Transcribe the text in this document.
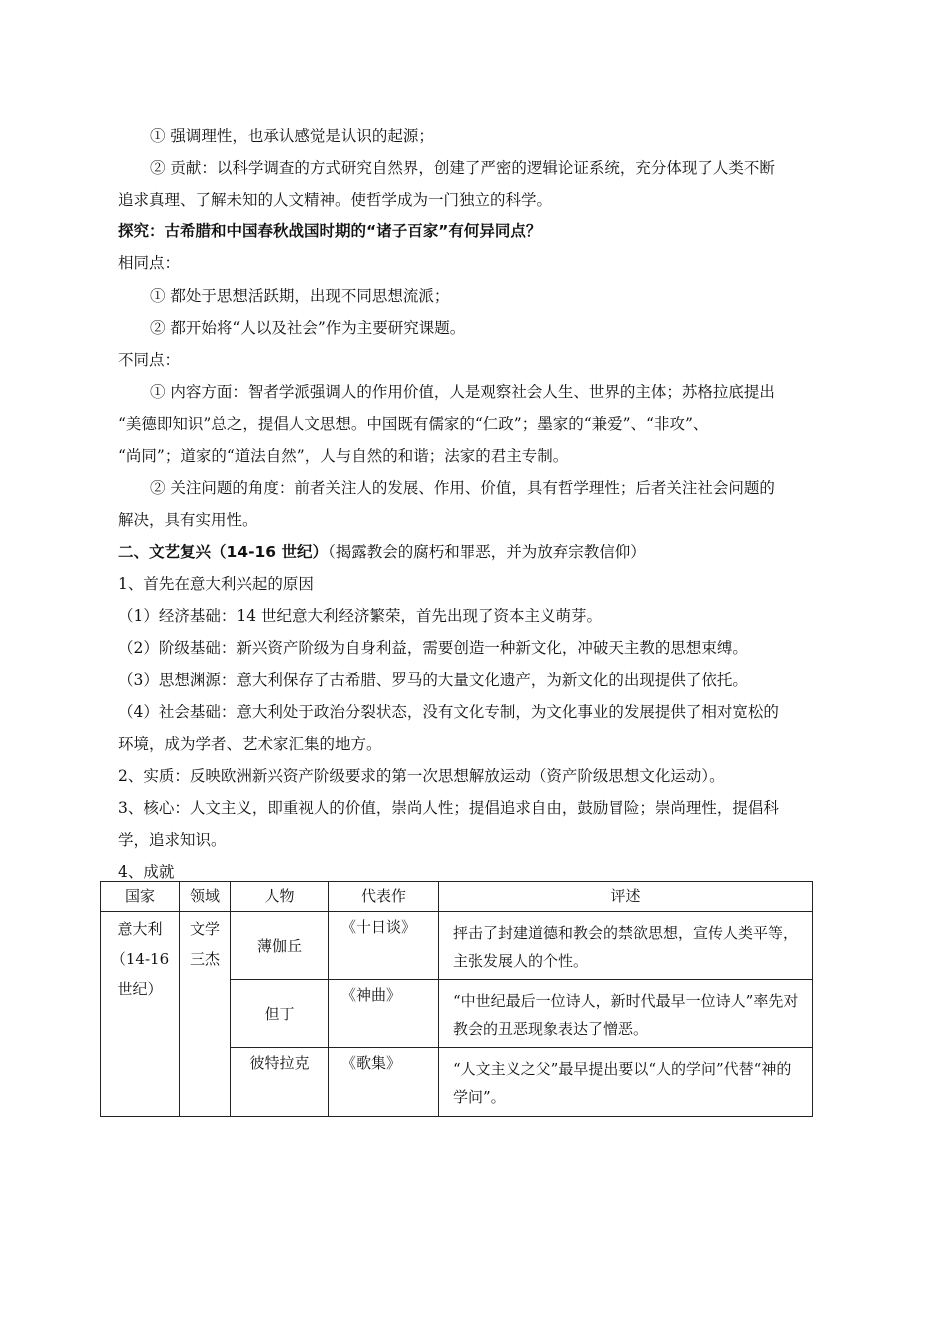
① 强调理性，也承认感觉是认识的起源；
② 贡献：以科学调查的方式研究自然界，创建了严密的逻辑论证系统，充分体现了人类不断
追求真理、了解未知的人文精神。使哲学成为一门独立的科学。
探究：古希腊和中国春秋战国时期的“诸子百家”有何异同点？
相同点：
① 都处于思想活跃期，出现不同思想流派；
② 都开始将“人以及社会”作为主要研究课题。
不同点：
① 内容方面：智者学派强调人的作用价值，人是观察社会人生、世界的主体；苏格拉底提出
“美德即知识”总之，提倡人文思想。中国既有儒家的“仁政”；墨家的“兼爱”、“非攻”、
“尚同”；道家的“道法自然”，人与自然的和谐；法家的君主专制。
② 关注问题的角度：前者关注人的发展、作用、价值，具有哲学理性；后者关注社会问题的
解决，具有实用性。
二、文艺复兴（14-16 世纪）（揭露教会的腐朽和罪恶，并为放弃宗教信仰）
1、首先在意大利兴起的原因
（1）经济基础：14 世纪意大利经济繁荣，首先出现了资本主义萌芽。
（2）阶级基础：新兴资产阶级为自身利益，需要创造一种新文化，冲破天主教的思想束缚。
（3）思想渊源：意大利保存了古希腊、罗马的大量文化遗产，为新文化的出现提供了依托。
（4）社会基础：意大利处于政治分裂状态，没有文化专制，为文化事业的发展提供了相对宽松的
环境，成为学者、艺术家汇集的地方。
2、实质：反映欧洲新兴资产阶级要求的第一次思想解放运动（资产阶级思想文化运动）。
3、核心：人文主义，即重视人的价值，崇尚人性；提倡追求自由，鼓励冒险；崇尚理性，提倡科
学，追求知识。
4、成就
国家	领域	人物	代表作	评述
意大利（14-16 世纪）	文学三杰	薄伽丘	《十日谈》	抨击了封建道德和教会的禁欲思想，宣传人类平等，主张发展人的个性。
		但丁	《神曲》	“中世纪最后一位诗人，新时代最早一位诗人”率先对教会的丑恶现象表达了憎恶。
		彼特拉克	《歌集》	“人文主义之父”最早提出要以“人的学问”代替“神的学问”。
